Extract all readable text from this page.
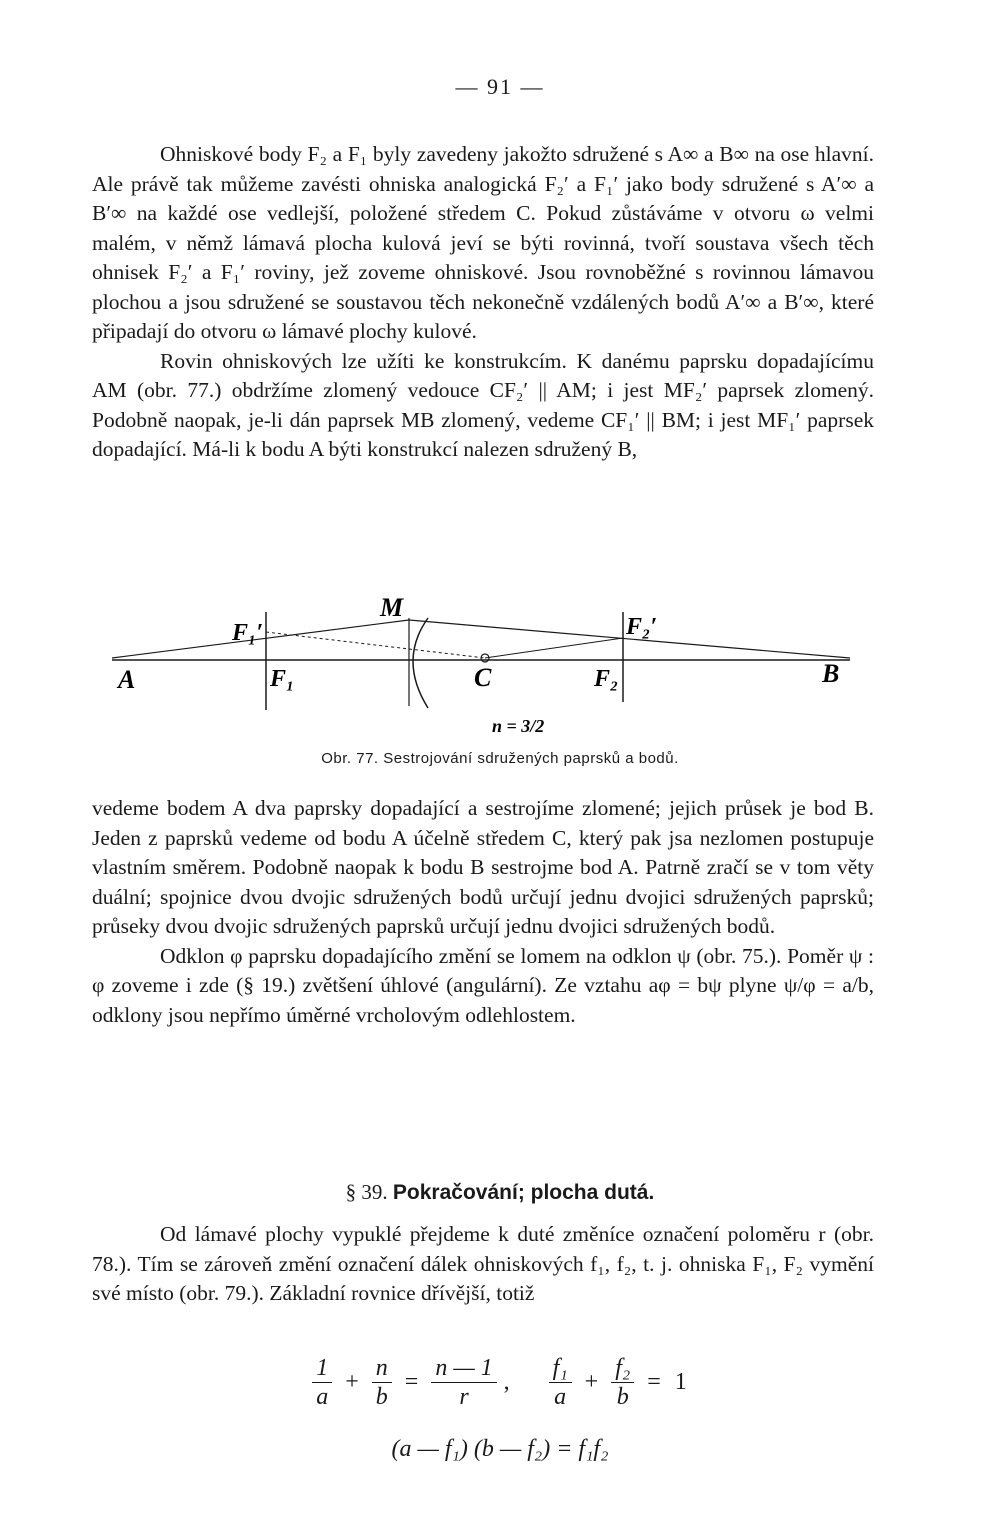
— 91 —

Ohniskové body F₂ a F₁ byly zavedeny jakožto sdružené s A∞ a B∞ na ose hlavní. Ale právě tak můžeme zavésti ohniska analogická F₂′ a F₁′ jako body sdružené s A′∞ a B′∞ na každé ose vedlejší, položené středem C. Pokud zůstáváme v otvoru ω velmi malém, v němž lámavá plocha kulová jeví se býti rovinná, tvoří soustava všech těch ohnisek F₂′ a F₁′ roviny, jež zoveme ohniskové. Jsou rovnoběžné s rovinnou lámavou plochou a jsou sdružené se soustavou těch nekonečně vzdálených bodů A′∞ a B′∞, které připadají do otvoru ω lámavé plochy kulové.

Rovin ohniskových lze užíti ke konstrukcím. K danému paprsku dopadajícímu AM (obr. 77.) obdržíme zlomený vedouce CF₂′ || AM; i jest MF₂′ paprsek zlomený. Podobně naopak, je-li dán paprsek MB zlomený, vedeme CF₁′ || BM; i jest MF₁′ paprsek dopadající. Má-li k bodu A býti konstrukcí nalezen sdružený B,

A	B
C
M
F₁′
F₁	F₂
F₂′
n = 3/2
Obr. 77. Sestrojování sdružených paprsků a bodů.

vedeme bodem A dva paprsky dopadající a sestrojíme zlomené; jejich průsek je bod B. Jeden z paprsků vedeme od bodu A účelně středem C, který pak jsa nezlomen postupuje vlastním směrem. Podobně naopak k bodu B sestrojme bod A. Patrně zračí se v tom věty duální; spojnice dvou dvojic sdružených bodů určují jednu dvojici sdružených paprsků; průseky dvou dvojic sdružených paprsků určují jednu dvojici sdružených bodů.

Odklon φ paprsku dopadajícího změní se lomem na odklon ψ (obr. 75.). Poměr ψ : φ zoveme i zde (§ 19.) zvětšení úhlové (angulární). Ze vztahu aφ = bψ plyne ψ/φ = a/b, odklony jsou nepřímo úměrné vrcholovým odlehlostem.

§ 39. Pokračování; plocha dutá.

Od lámavé plochy vypuklé přejdeme k duté změníce označení poloměru r (obr. 78.). Tím se zároveň změní označení dálek ohniskových f₁, f₂, t. j. ohniska F₁, F₂ vymění své místo (obr. 79.). Základní rovnice dřívější, totiž

$\frac{1}{a} + \frac{n}{b} = \frac{n — 1}{r}$ , $\frac{\text{f₁}}{a} + \frac{\text{f₂}}{b} = 1$
(a — f₁) (b — f₂) = f₁f₂
